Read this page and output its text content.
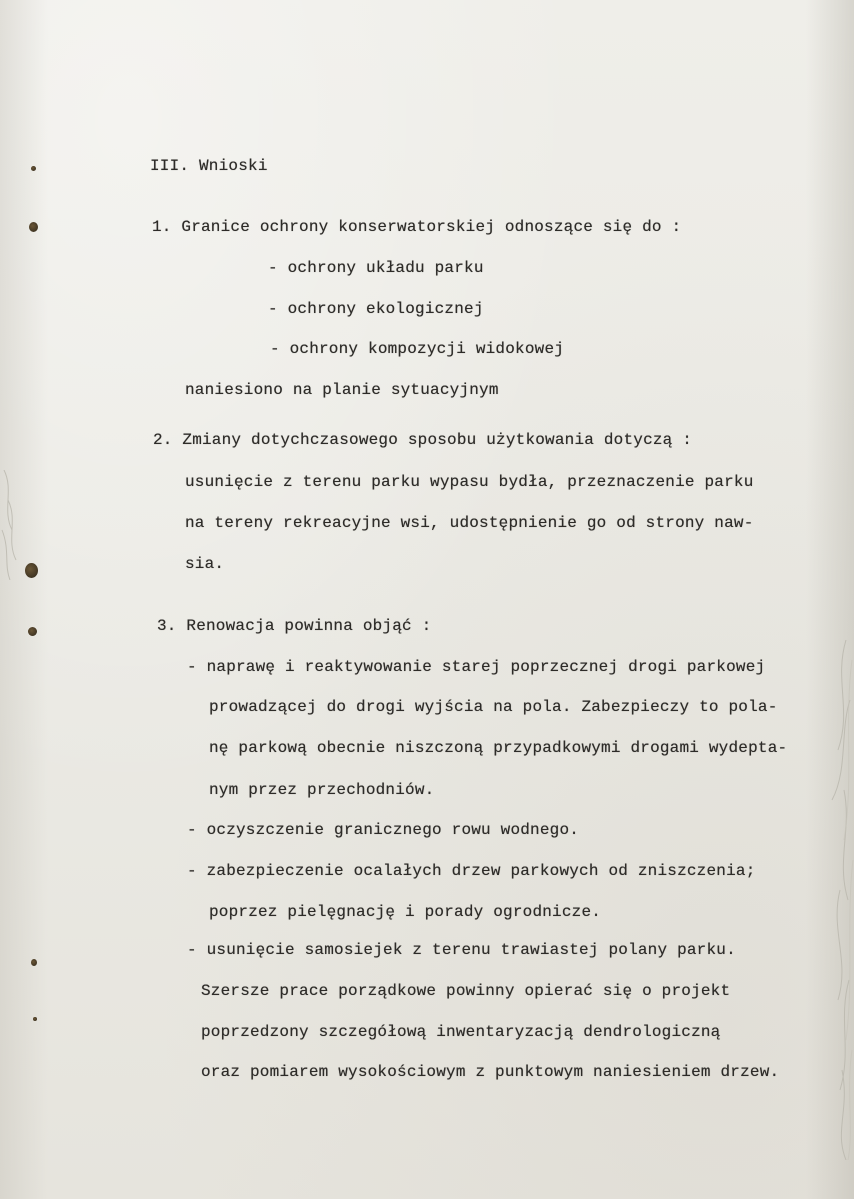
III. Wnioski

1. Granice ochrony konserwatorskiej odnoszące się do :

- ochrony układu parku

- ochrony ekologicznej

- ochrony kompozycji widokowej

naniesiono na planie sytuacyjnym

2. Zmiany dotychczasowego sposobu użytkowania dotyczą :

usunięcie z terenu parku wypasu bydła, przeznaczenie parku

na tereny rekreacyjne wsi, udostępnienie go od strony naw-

sia.

3. Renowacja powinna objąć :

- naprawę i reaktywowanie starej poprzecznej drogi parkowej

prowadzącej do drogi wyjścia na pola. Zabezpieczy to pola-

nę parkową obecnie niszczoną przypadkowymi drogami wydepta-

nym przez przechodniów.

- oczyszczenie granicznego rowu wodnego.

- zabezpieczenie ocalałych drzew parkowych od zniszczenia;

poprzez pielęgnację i porady ogrodnicze.

- usunięcie samosiejek z terenu trawiastej polany parku.

Szersze prace porządkowe powinny opierać się o projekt

poprzedzony szczegółową inwentaryzacją dendrologiczną

oraz pomiarem wysokościowym z punktowym naniesieniem drzew.
